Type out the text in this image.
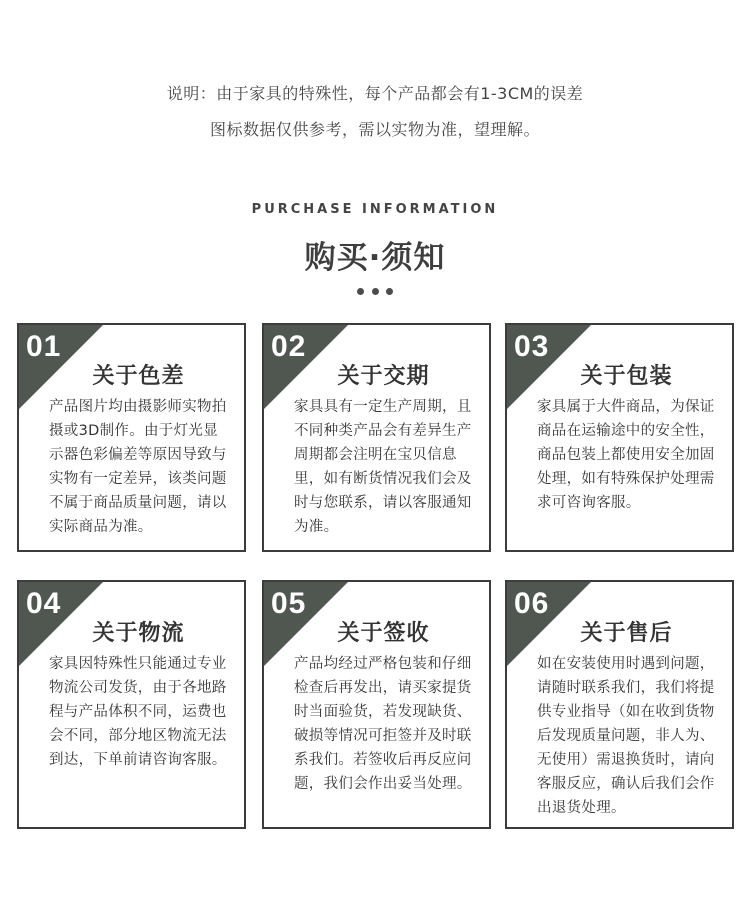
说明：由于家具的特殊性，每个产品都会有1-3CM的误差
图标数据仅供参考，需以实物为准，望理解。
PURCHASE INFORMATION
购买·须知
01
关于色差
产品图片均由摄影师实物拍摄或3D制作。由于灯光显示器色彩偏差等原因导致与实物有一定差异，该类问题不属于商品质量问题，请以实际商品为准。
02
关于交期
家具具有一定生产周期，且不同种类产品会有差异生产周期都会注明在宝贝信息里，如有断货情况我们会及时与您联系，请以客服通知为准。
03
关于包装
家具属于大件商品，为保证商品在运输途中的安全性，商品包装上都使用安全加固处理，如有特殊保护处理需求可咨询客服。
04
关于物流
家具因特殊性只能通过专业物流公司发货，由于各地路程与产品体积不同，运费也会不同，部分地区物流无法到达，下单前请咨询客服。
05
关于签收
产品均经过严格包装和仔细检查后再发出，请买家提货时当面验货，若发现缺货、破损等情况可拒签并及时联系我们。若签收后再反应问题，我们会作出妥当处理。
06
关于售后
如在安装使用时遇到问题，请随时联系我们，我们将提供专业指导（如在收到货物后发现质量问题，非人为、无使用）需退换货时，请向客服反应，确认后我们会作出退货处理。
